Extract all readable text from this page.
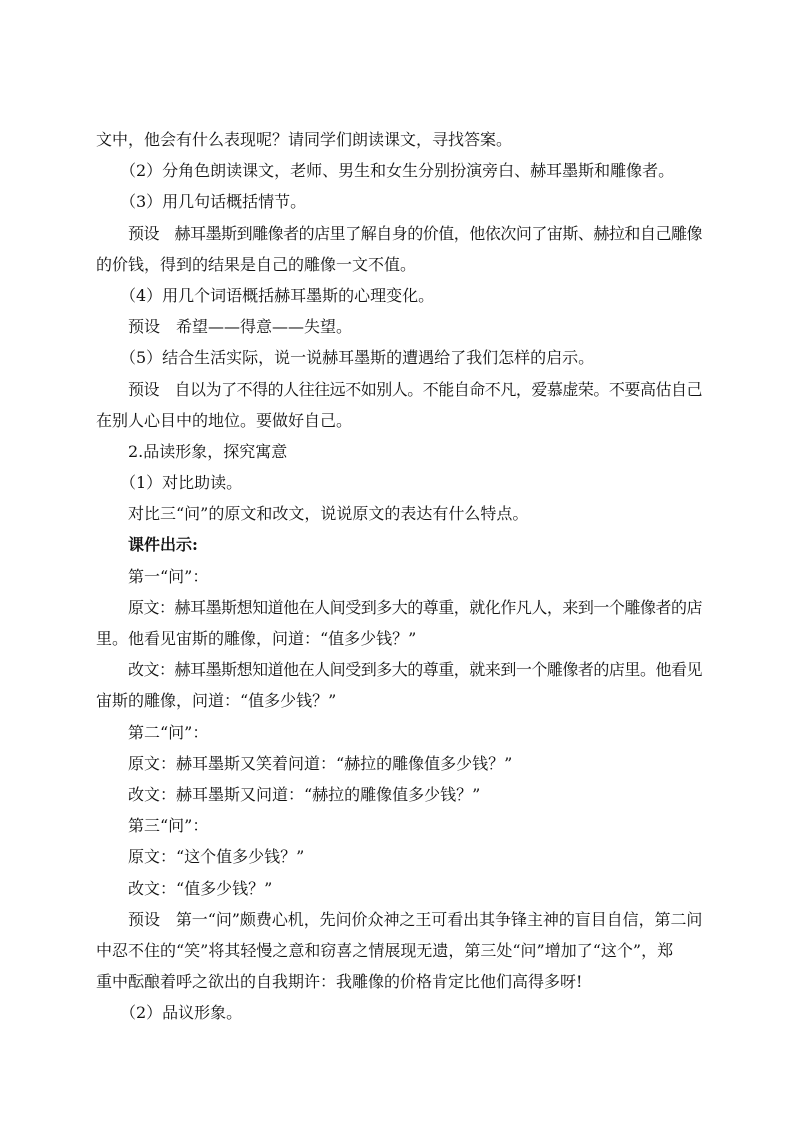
文中，他会有什么表现呢？请同学们朗读课文，寻找答案。
（2）分角色朗读课文，老师、男生和女生分别扮演旁白、赫耳墨斯和雕像者。
（3）用几句话概括情节。
预设　赫耳墨斯到雕像者的店里了解自身的价值，他依次问了宙斯、赫拉和自己雕像
的价钱，得到的结果是自己的雕像一文不值。
（4）用几个词语概括赫耳墨斯的心理变化。
预设　希望——得意——失望。
（5）结合生活实际，说一说赫耳墨斯的遭遇给了我们怎样的启示。
预设　自以为了不得的人往往远不如别人。不能自命不凡，爱慕虚荣。不要高估自己
在别人心目中的地位。要做好自己。
2.品读形象，探究寓意
（1）对比助读。
对比三“问”的原文和改文，说说原文的表达有什么特点。
课件出示:
第一“问”：
原文：赫耳墨斯想知道他在人间受到多大的尊重，就化作凡人，来到一个雕像者的店
里。他看见宙斯的雕像，问道：“值多少钱？”
改文：赫耳墨斯想知道他在人间受到多大的尊重，就来到一个雕像者的店里。他看见
宙斯的雕像，问道：“值多少钱？”
第二“问”：
原文：赫耳墨斯又笑着问道：“赫拉的雕像值多少钱？”
改文：赫耳墨斯又问道：“赫拉的雕像值多少钱？”
第三“问”：
原文：“这个值多少钱？”
改文：“值多少钱？”
预设　第一“问”颇费心机，先问价众神之王可看出其争锋主神的盲目自信，第二问
中忍不住的“笑”将其轻慢之意和窃喜之情展现无遗，第三处“问”增加了“这个”，郑
重中酝酿着呼之欲出的自我期许：我雕像的价格肯定比他们高得多呀!
（2）品议形象。
